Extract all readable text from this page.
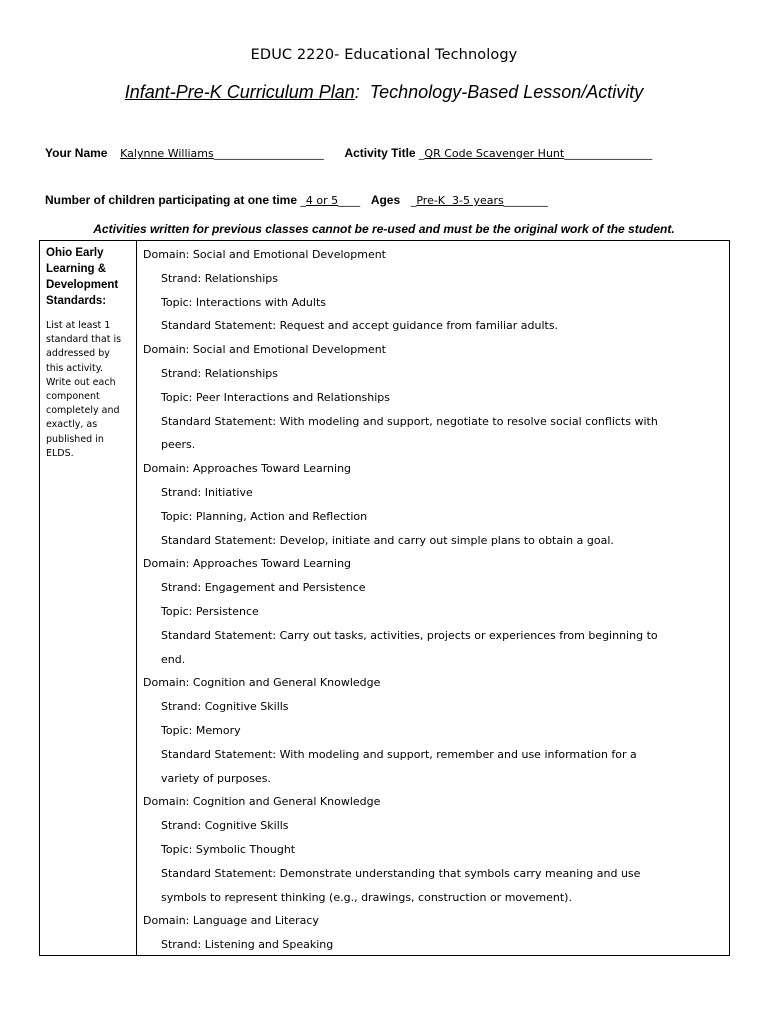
EDUC 2220- Educational Technology
Infant-Pre-K Curriculum Plan:  Technology-Based Lesson/Activity
Your Name Kalynne Williams____________________ Activity Title _QR Code Scavenger Hunt________________
Number of children participating at one time _4 or 5____ Ages _Pre-K  3-5 years________
Activities written for previous classes cannot be re-used and must be the original work of the student.
Ohio Early Learning & Development Standards:
List at least 1 standard that is addressed by this activity. Write out each component completely and exactly, as published in ELDS.
Domain: Social and Emotional Development
Strand: Relationships
Topic: Interactions with Adults
Standard Statement: Request and accept guidance from familiar adults.
Domain: Social and Emotional Development
Strand: Relationships
Topic: Peer Interactions and Relationships
Standard Statement: With modeling and support, negotiate to resolve social conflicts with
peers.
Domain: Approaches Toward Learning
Strand: Initiative
Topic: Planning, Action and Reflection
Standard Statement: Develop, initiate and carry out simple plans to obtain a goal.
Domain: Approaches Toward Learning
Strand: Engagement and Persistence
Topic: Persistence
Standard Statement: Carry out tasks, activities, projects or experiences from beginning to
end.
Domain: Cognition and General Knowledge
Strand: Cognitive Skills
Topic: Memory
Standard Statement: With modeling and support, remember and use information for a
variety of purposes.
Domain: Cognition and General Knowledge
Strand: Cognitive Skills
Topic: Symbolic Thought
Standard Statement: Demonstrate understanding that symbols carry meaning and use
symbols to represent thinking (e.g., drawings, construction or movement).
Domain: Language and Literacy
Strand: Listening and Speaking
